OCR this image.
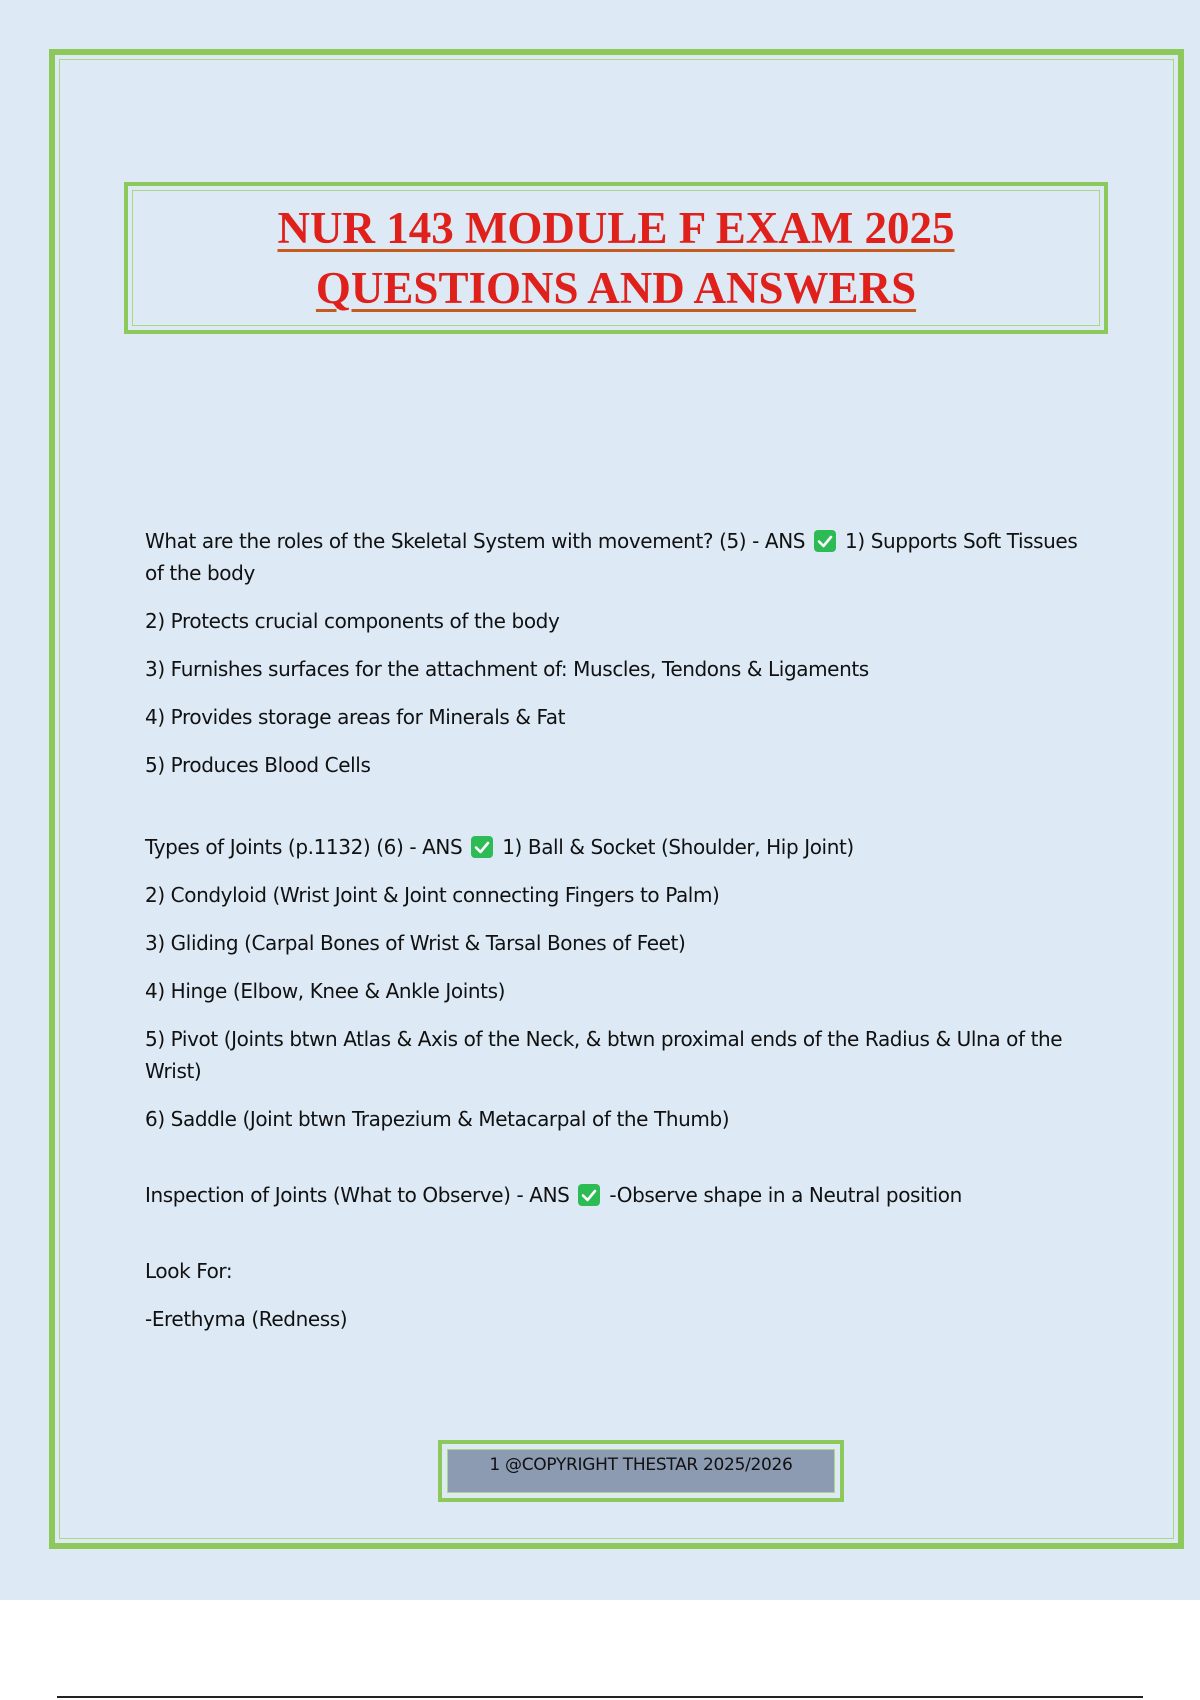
NUR 143 MODULE F EXAM 2025
QUESTIONS AND ANSWERS

What are the roles of the Skeletal System with movement? (5) - ANS 1) Supports Soft Tissues of the body

2) Protects crucial components of the body

3) Furnishes surfaces for the attachment of: Muscles, Tendons & Ligaments

4) Provides storage areas for Minerals & Fat

5) Produces Blood Cells

Types of Joints (p.1132) (6) - ANS 1) Ball & Socket (Shoulder, Hip Joint)

2) Condyloid (Wrist Joint & Joint connecting Fingers to Palm)

3) Gliding (Carpal Bones of Wrist & Tarsal Bones of Feet)

4) Hinge (Elbow, Knee & Ankle Joints)

5) Pivot (Joints btwn Atlas & Axis of the Neck, & btwn proximal ends of the Radius & Ulna of the Wrist)

6) Saddle (Joint btwn Trapezium & Metacarpal of the Thumb)

Inspection of Joints (What to Observe) - ANS -Observe shape in a Neutral position

Look For:

-Erethyma (Redness)

1 @COPYRIGHT THESTAR 2025/2026
